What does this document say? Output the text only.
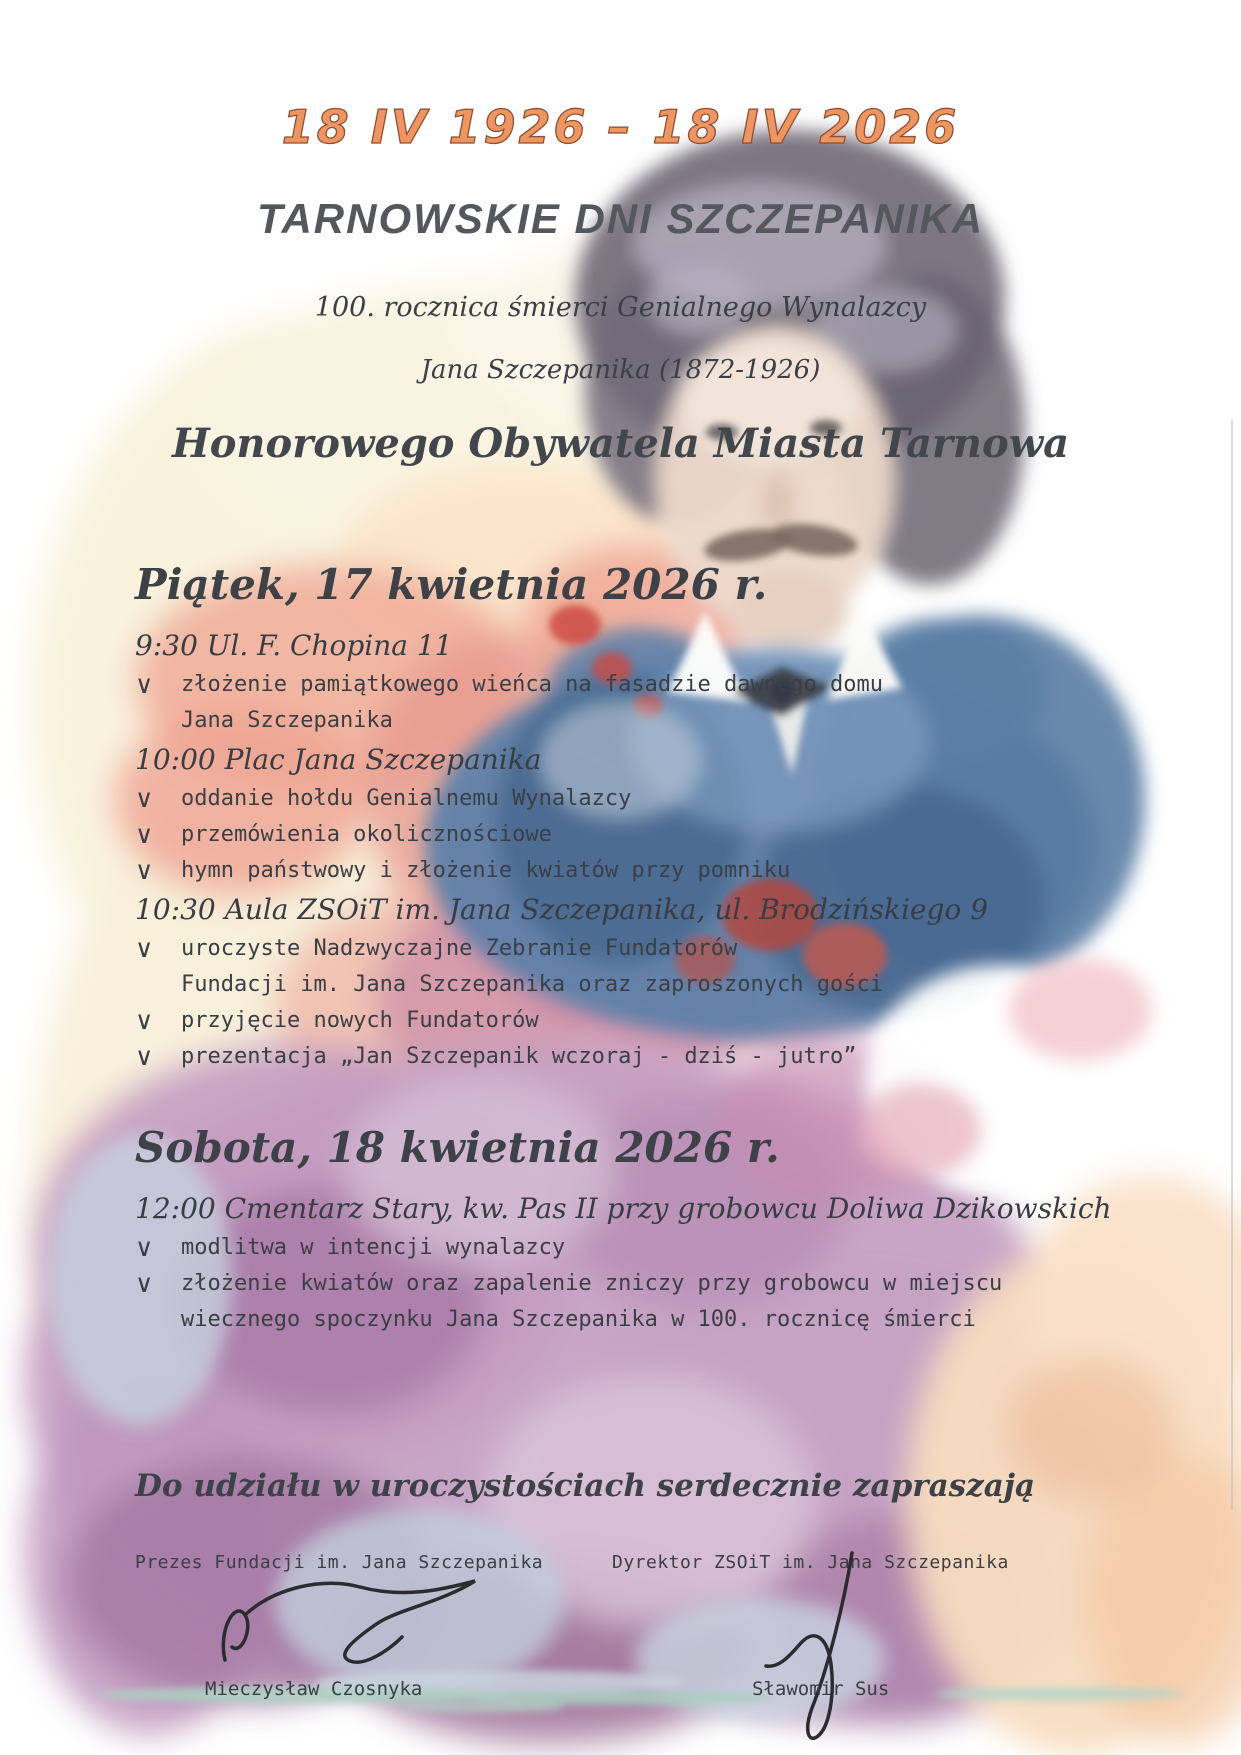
18 IV 1926 – 18 IV 2026
TARNOWSKIE DNI SZCZEPANIKA
100. rocznica śmierci Genialnego Wynalazcy
Jana Szczepanika (1872-1926)
Honorowego Obywatela Miasta Tarnowa
Piątek, 17 kwietnia 2026 r.
9:30 Ul. F. Chopina 11
∨	złożenie pamiątkowego wieńca na fasadzie dawnego domu
Jana Szczepanika
10:00 Plac Jana Szczepanika
∨	oddanie hołdu Genialnemu Wynalazcy
∨	przemówienia okolicznościowe
∨	hymn państwowy i złożenie kwiatów przy pomniku
10:30 Aula ZSOiT im. Jana Szczepanika, ul. Brodzińskiego 9
∨	uroczyste Nadzwyczajne Zebranie Fundatorów
Fundacji im. Jana Szczepanika oraz zaproszonych gości
∨	przyjęcie nowych Fundatorów
∨	prezentacja „Jan Szczepanik wczoraj - dziś - jutro”
Sobota, 18 kwietnia 2026 r.
12:00 Cmentarz Stary, kw. Pas II przy grobowcu Doliwa Dzikowskich
∨	modlitwa w intencji wynalazcy
∨	złożenie kwiatów oraz zapalenie zniczy przy grobowcu w miejscu
wiecznego spoczynku Jana Szczepanika w 100. rocznicę śmierci
Do udziału w uroczystościach serdecznie zapraszają
Prezes Fundacji im. Jana Szczepanika	Dyrektor ZSOiT im. Jana Szczepanika
Mieczysław Czosnyka	Sławomir Sus
